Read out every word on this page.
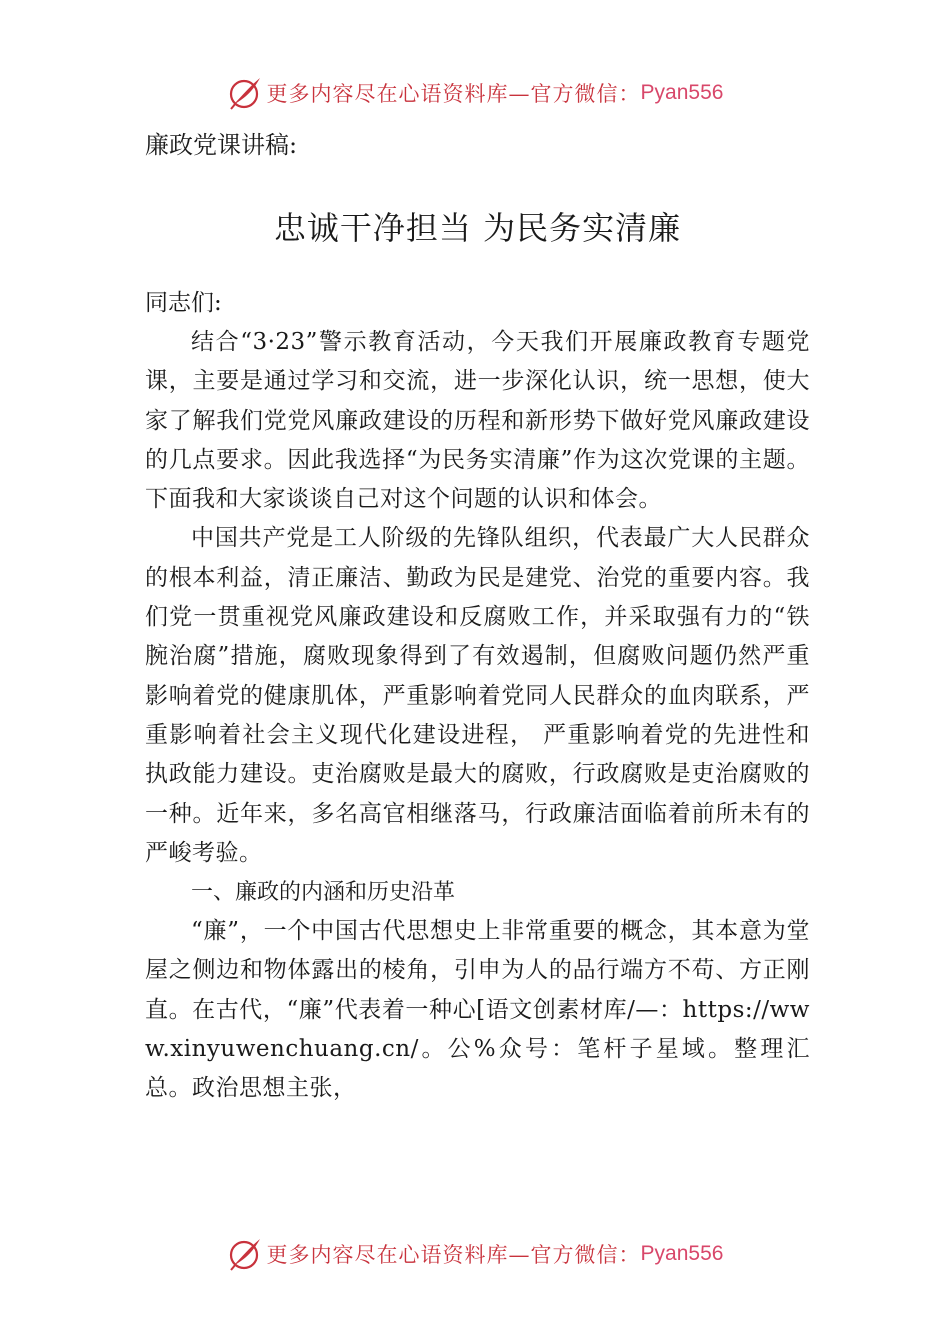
更多内容尽在心语资料库—官方微信： Pyan556

廉政党课讲稿:

忠诚干净担当 为民务实清廉

同志们:

结合“3·23”警示教育活动，今天我们开展廉政教育专题党课，主要是通过学习和交流，进一步深化认识，统一思想，使大家了解我们党党风廉政建设的历程和新形势下做好党风廉政建设的几点要求。因此我选择“为民务实清廉”作为这次党课的主题。下面我和大家谈谈自己对这个问题的认识和体会。

中国共产党是工人阶级的先锋队组织，代表最广大人民群众的根本利益，清正廉洁、勤政为民是建党、治党的重要内容。我们党一贯重视党风廉政建设和反腐败工作，并采取强有力的“铁腕治腐”措施，腐败现象得到了有效遏制，但腐败问题仍然严重影响着党的健康肌体，严重影响着党同人民群众的血肉联系，严重影响着社会主义现代化建设进程， 严重影响着党的先进性和执政能力建设。吏治腐败是最大的腐败，行政腐败是吏治腐败的一种。近年来，多名高官相继落马，行政廉洁面临着前所未有的严峻考验。

一、廉政的内涵和历史沿革

“廉”，一个中国古代思想史上非常重要的概念，其本意为堂屋之侧边和物体露出的棱角，引申为人的品行端方不苟、方正刚直。在古代，“廉”代表着一种心[语文创素材库/—：https://www.xinyuwenchuang.cn/。公%众号：笔杆子星域。整理汇总。政治思想主张，

更多内容尽在心语资料库—官方微信： Pyan556
